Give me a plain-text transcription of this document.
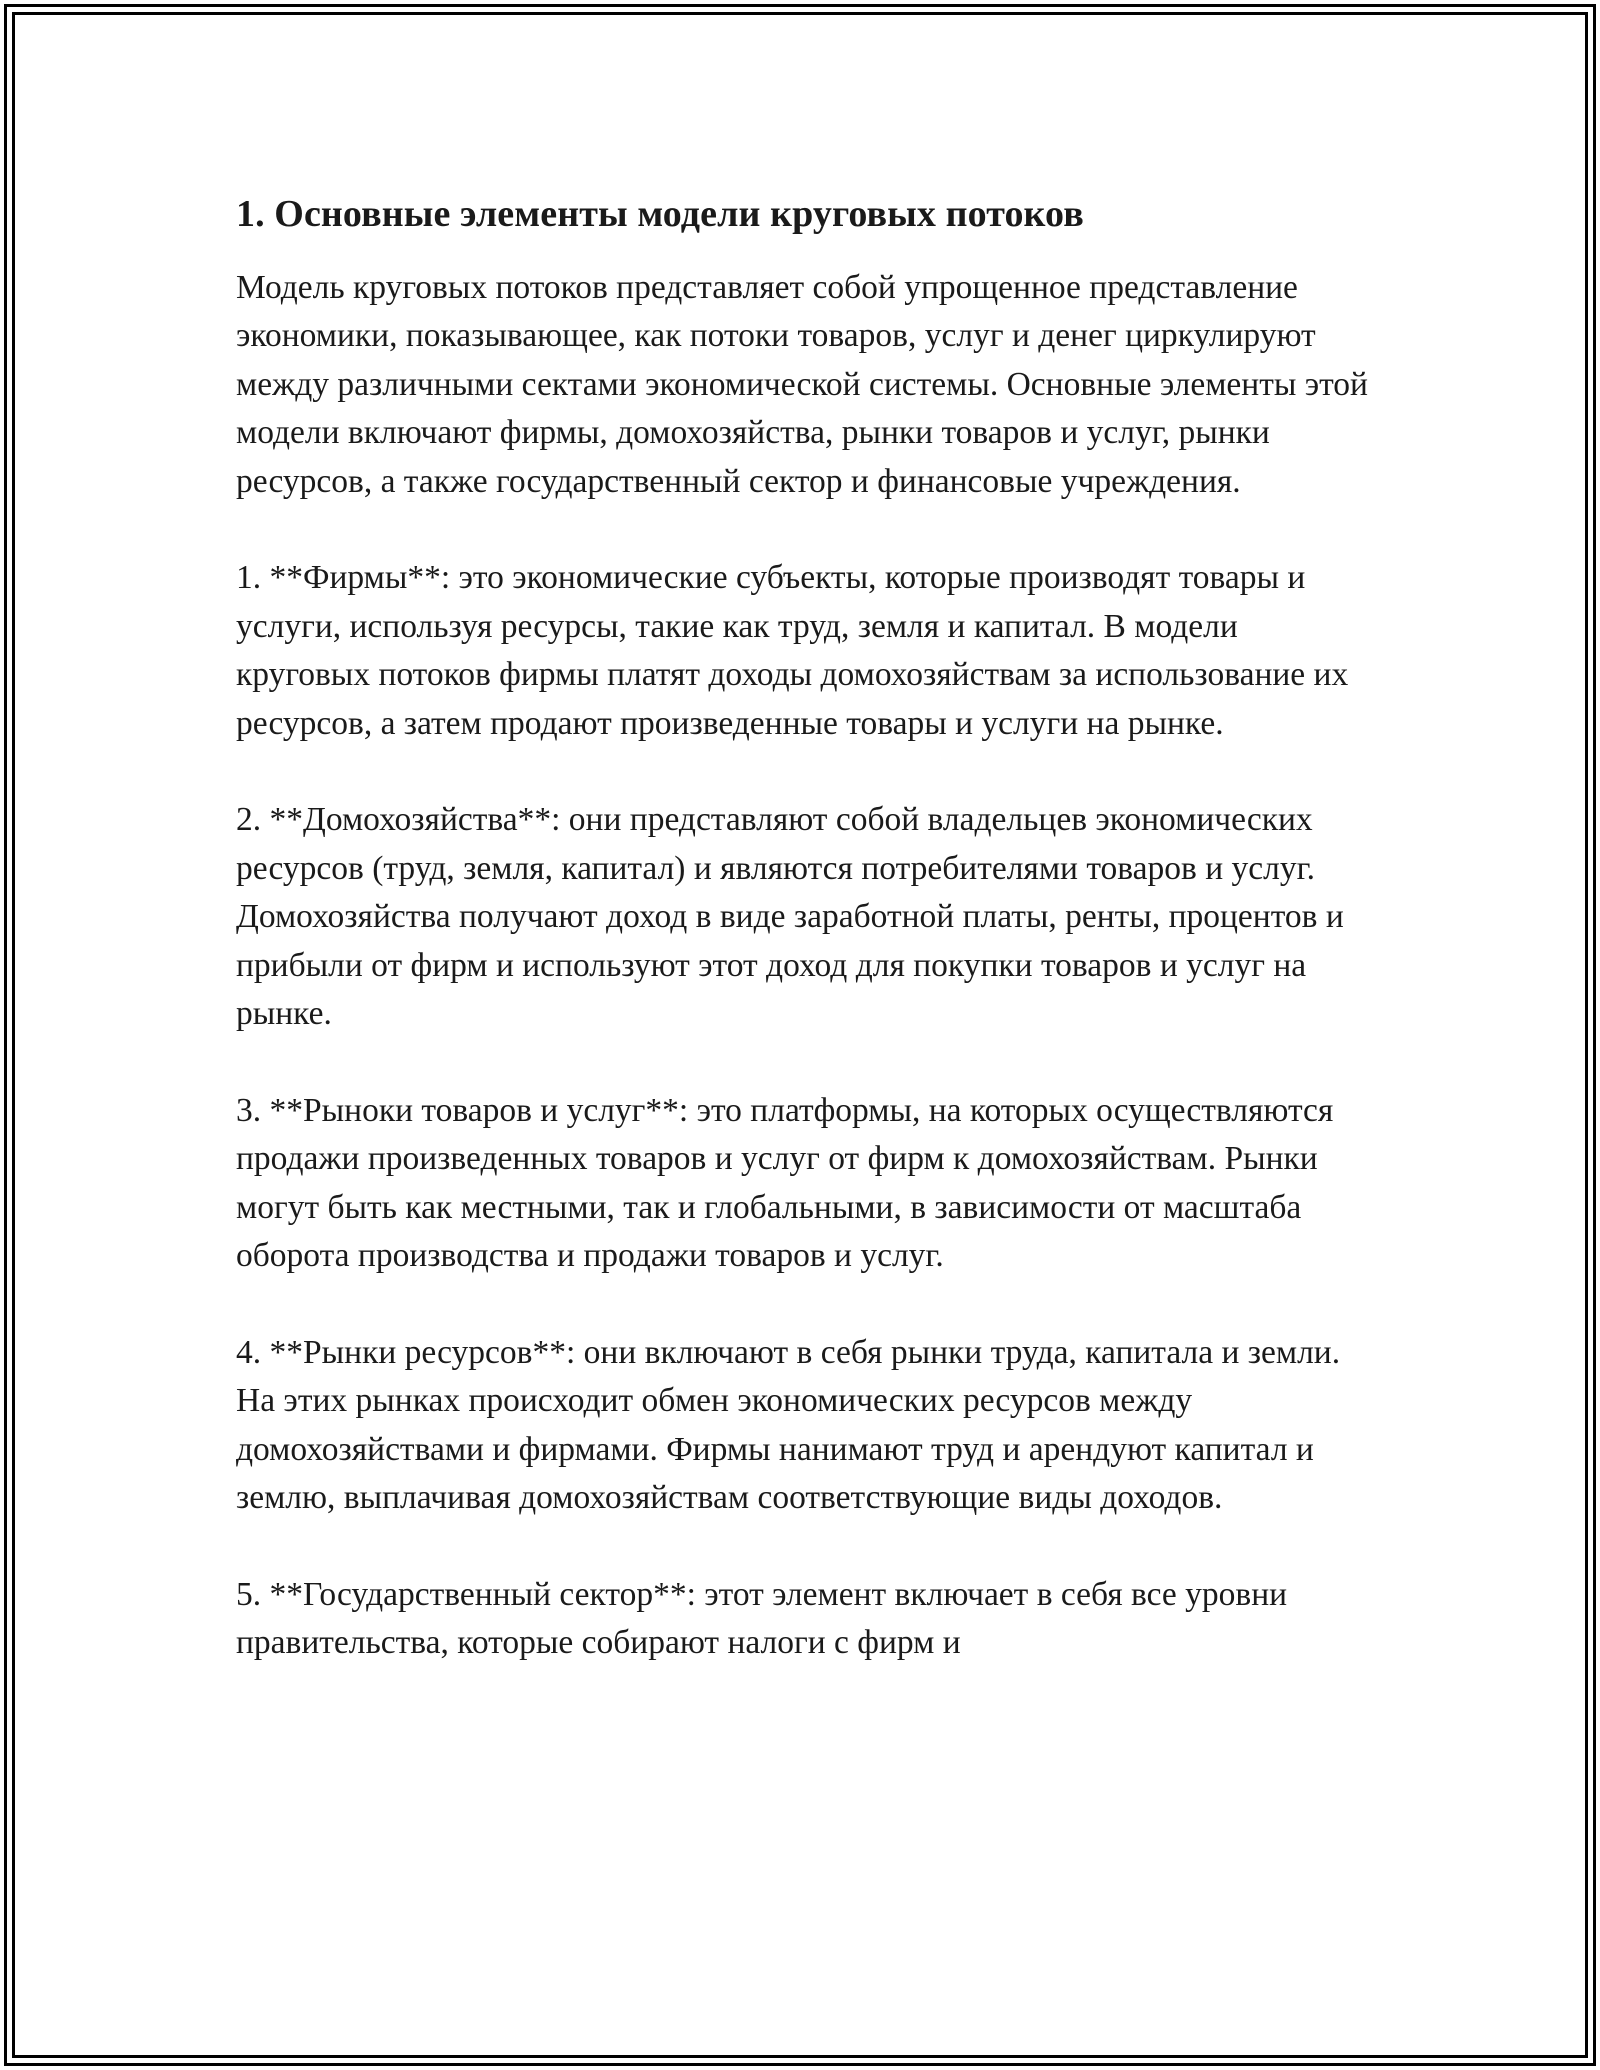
1. Основные элементы модели круговых потоков

Модель круговых потоков представляет собой упрощенное представление экономики, показывающее, как потоки товаров, услуг и денег циркулируют между различными сектами экономической системы. Основные элементы этой модели включают фирмы, домохозяйства, рынки товаров и услуг, рынки ресурсов, а также государственный сектор и финансовые учреждения.

1. **Фирмы**: это экономические субъекты, которые производят товары и услуги, используя ресурсы, такие как труд, земля и капитал. В модели круговых потоков фирмы платят доходы домохозяйствам за использование их ресурсов, а затем продают произведенные товары и услуги на рынке.

2. **Домохозяйства**: они представляют собой владельцев экономических ресурсов (труд, земля, капитал) и являются потребителями товаров и услуг. Домохозяйства получают доход в виде заработной платы, ренты, процентов и прибыли от фирм и используют этот доход для покупки товаров и услуг на рынке.

3. **Рыноки товаров и услуг**: это платформы, на которых осуществляются продажи произведенных товаров и услуг от фирм к домохозяйствам. Рынки могут быть как местными, так и глобальными, в зависимости от масштаба оборота производства и продажи товаров и услуг.

4. **Рынки ресурсов**: они включают в себя рынки труда, капитала и земли. На этих рынках происходит обмен экономических ресурсов между домохозяйствами и фирмами. Фирмы нанимают труд и арендуют капитал и землю, выплачивая домохозяйствам соответствующие виды доходов.

5. **Государственный сектор**: этот элемент включает в себя все уровни правительства, которые собирают налоги с фирм и
